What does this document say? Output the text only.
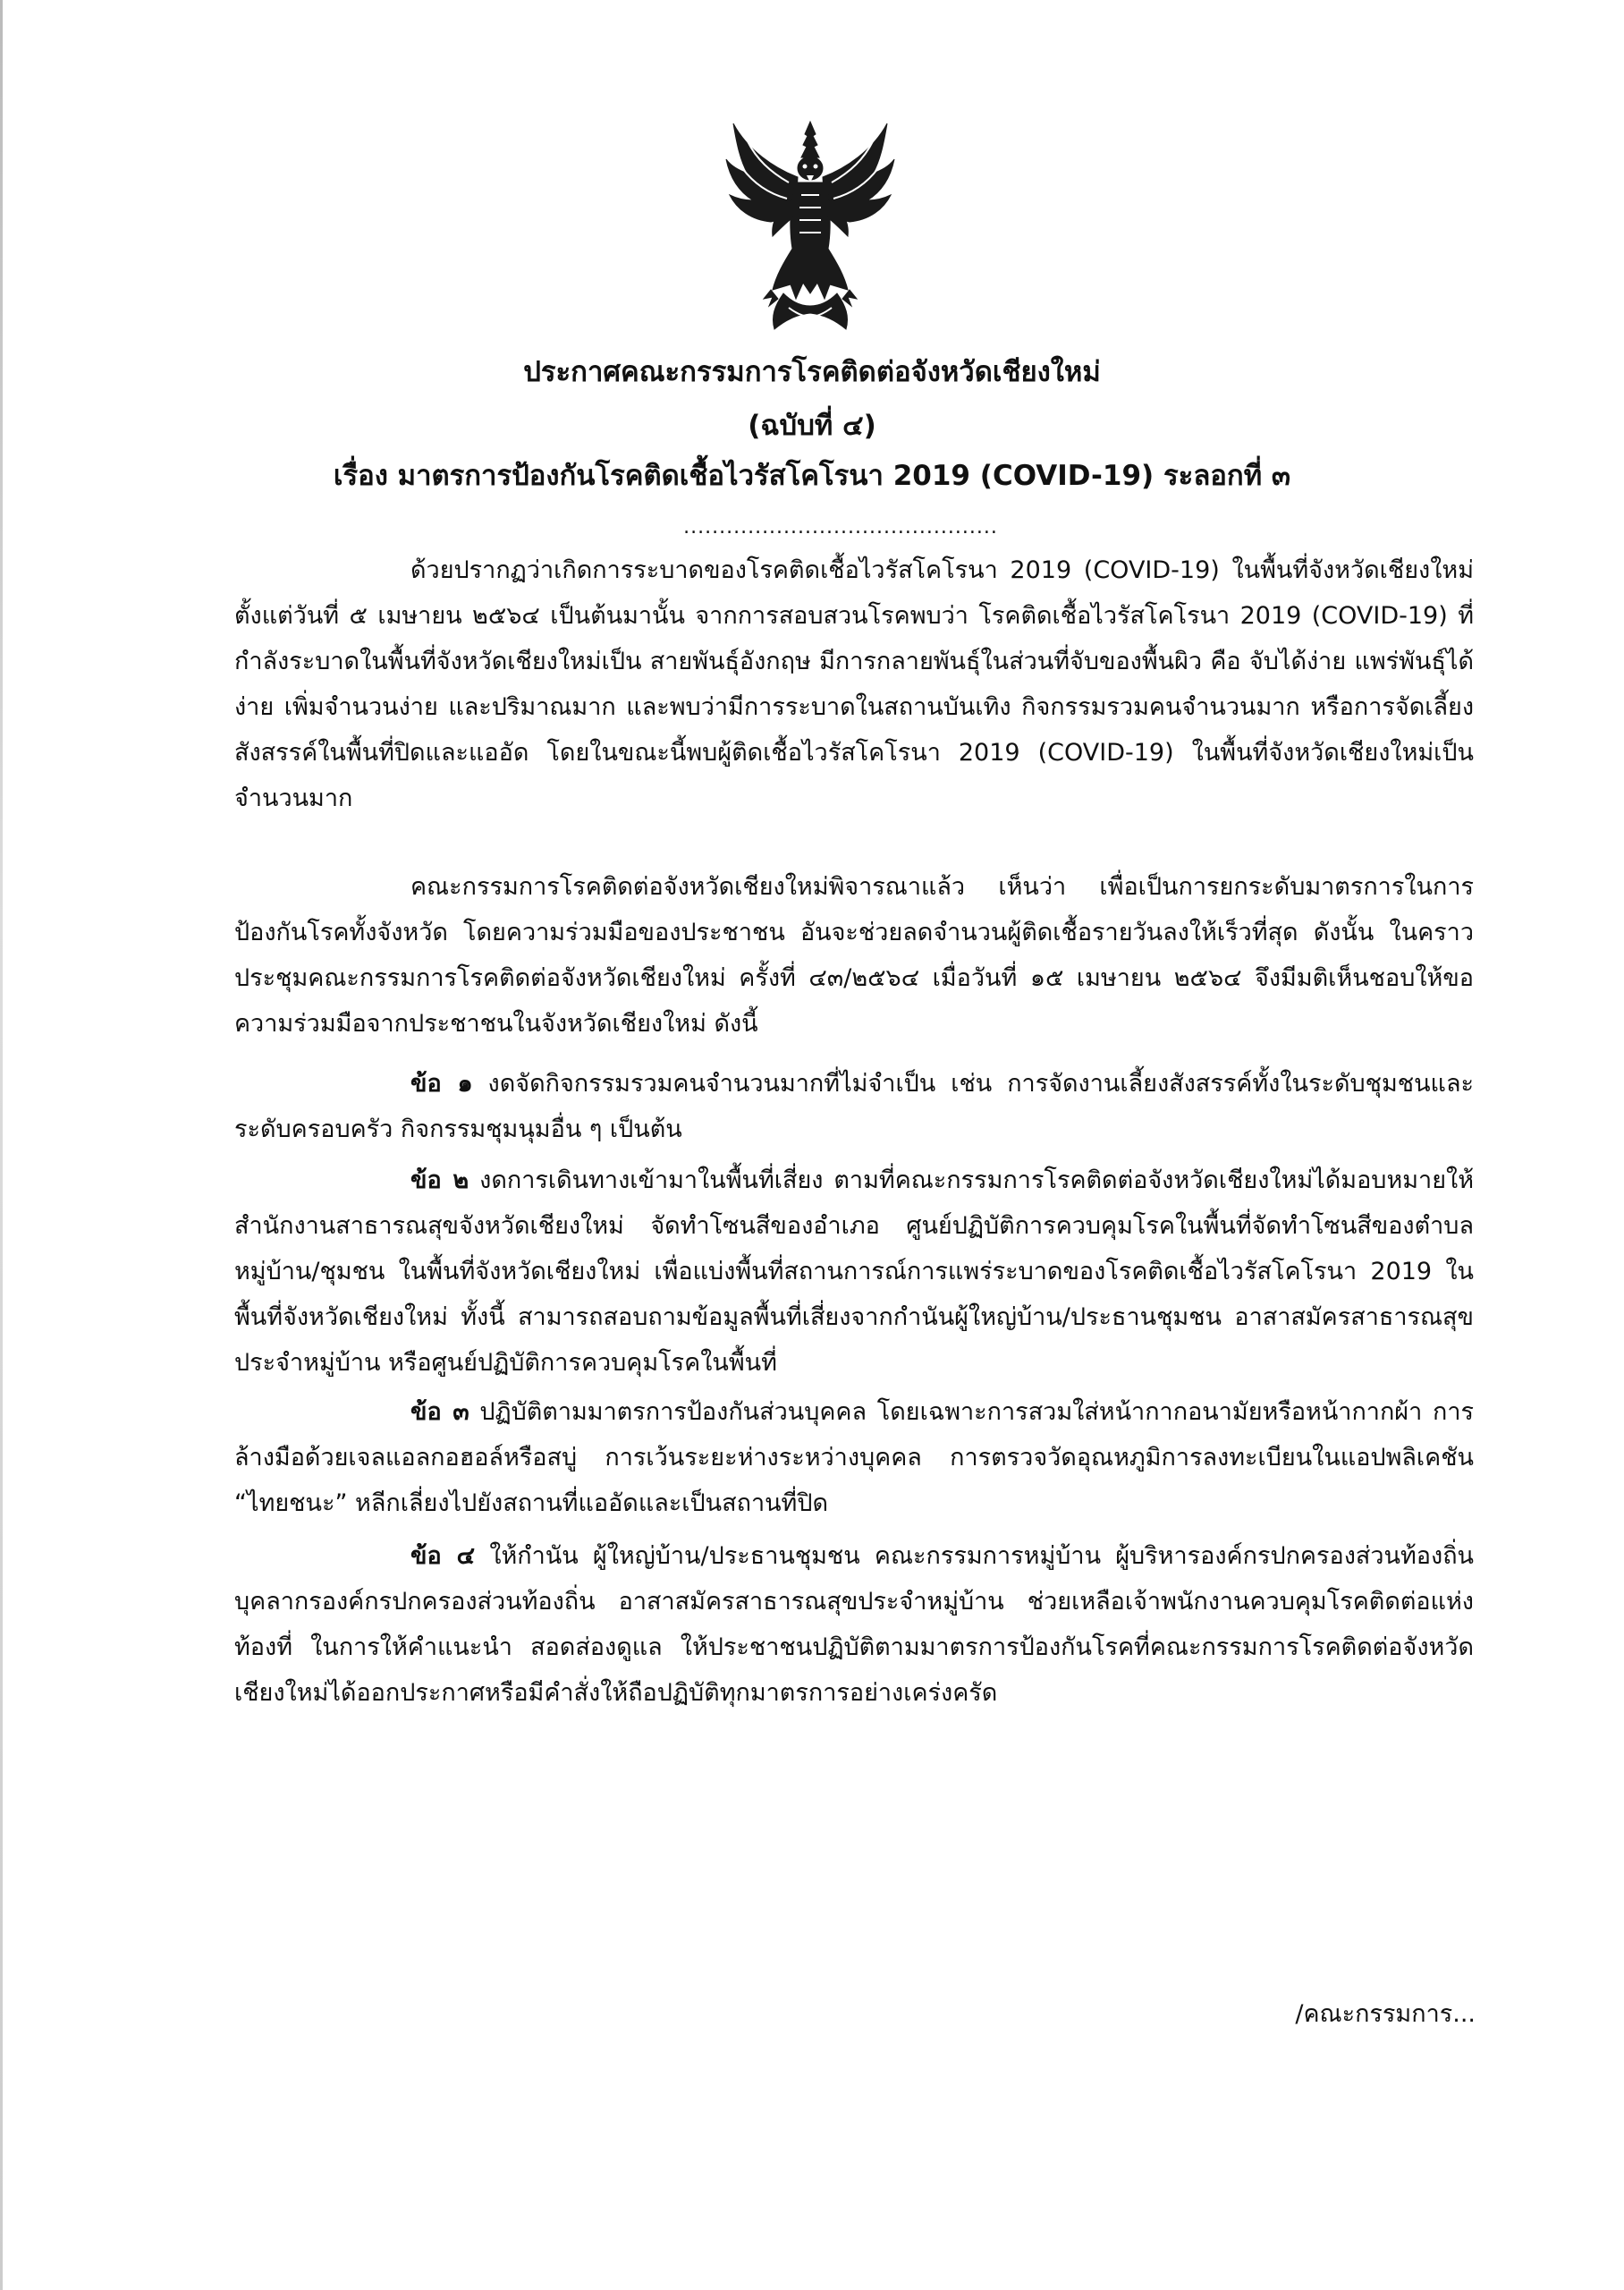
ประกาศคณะกรรมการโรคติดต่อจังหวัดเชียงใหม่
(ฉบับที่ ๔)
เรื่อง มาตรการป้องกันโรคติดเชื้อไวรัสโคโรนา 2019 (COVID-19) ระลอกที่ ๓
............................................

ด้วยปรากฏว่าเกิดการระบาดของโรคติดเชื้อไวรัสโคโรนา 2019 (COVID-19) ในพื้นที่จังหวัดเชียงใหม่ ตั้งแต่วันที่ ๕ เมษายน ๒๕๖๔ เป็นต้นมานั้น จากการสอบสวนโรคพบว่า โรคติดเชื้อไวรัสโคโรนา 2019 (COVID-19) ที่กำลังระบาดในพื้นที่จังหวัดเชียงใหม่เป็น สายพันธุ์อังกฤษ มีการกลายพันธุ์ในส่วนที่จับของพื้นผิว คือ จับได้ง่าย แพร่พันธุ์ได้ง่าย เพิ่มจำนวนง่าย และปริมาณมาก และพบว่ามีการระบาดในสถานบันเทิง กิจกรรมรวมคนจำนวนมาก หรือการจัดเลี้ยงสังสรรค์ในพื้นที่ปิดและแออัด โดยในขณะนี้พบผู้ติดเชื้อไวรัสโคโรนา 2019 (COVID-19) ในพื้นที่จังหวัดเชียงใหม่เป็นจำนวนมาก

คณะกรรมการโรคติดต่อจังหวัดเชียงใหม่พิจารณาแล้ว เห็นว่า เพื่อเป็นการยกระดับมาตรการในการป้องกันโรคทั้งจังหวัด โดยความร่วมมือของประชาชน อันจะช่วยลดจำนวนผู้ติดเชื้อรายวันลงให้เร็วที่สุด ดังนั้น ในคราวประชุมคณะกรรมการโรคติดต่อจังหวัดเชียงใหม่ ครั้งที่ ๔๓/๒๕๖๔ เมื่อวันที่ ๑๕ เมษายน ๒๕๖๔ จึงมีมติเห็นชอบให้ขอความร่วมมือจากประชาชนในจังหวัดเชียงใหม่ ดังนี้

ข้อ ๑ งดจัดกิจกรรมรวมคนจำนวนมากที่ไม่จำเป็น เช่น การจัดงานเลี้ยงสังสรรค์ทั้งในระดับชุมชนและระดับครอบครัว กิจกรรมชุมนุมอื่น ๆ เป็นต้น

ข้อ ๒ งดการเดินทางเข้ามาในพื้นที่เสี่ยง ตามที่คณะกรรมการโรคติดต่อจังหวัดเชียงใหม่ได้มอบหมายให้สำนักงานสาธารณสุขจังหวัดเชียงใหม่ จัดทำโซนสีของอำเภอ ศูนย์ปฏิบัติการควบคุมโรคในพื้นที่จัดทำโซนสีของตำบล หมู่บ้าน/ชุมชน ในพื้นที่จังหวัดเชียงใหม่ เพื่อแบ่งพื้นที่สถานการณ์การแพร่ระบาดของโรคติดเชื้อไวรัสโคโรนา 2019 ในพื้นที่จังหวัดเชียงใหม่ ทั้งนี้ สามารถสอบถามข้อมูลพื้นที่เสี่ยงจากกำนันผู้ใหญ่บ้าน/ประธานชุมชน อาสาสมัครสาธารณสุขประจำหมู่บ้าน หรือศูนย์ปฏิบัติการควบคุมโรคในพื้นที่

ข้อ ๓ ปฏิบัติตามมาตรการป้องกันส่วนบุคคล โดยเฉพาะการสวมใส่หน้ากากอนามัยหรือหน้ากากผ้า การล้างมือด้วยเจลแอลกอฮอล์หรือสบู่ การเว้นระยะห่างระหว่างบุคคล การตรวจวัดอุณหภูมิการลงทะเบียนในแอปพลิเคชัน “ไทยชนะ” หลีกเลี่ยงไปยังสถานที่แออัดและเป็นสถานที่ปิด

ข้อ ๔ ให้กำนัน ผู้ใหญ่บ้าน/ประธานชุมชน คณะกรรมการหมู่บ้าน ผู้บริหารองค์กรปกครองส่วนท้องถิ่น บุคลากรองค์กรปกครองส่วนท้องถิ่น อาสาสมัครสาธารณสุขประจำหมู่บ้าน ช่วยเหลือเจ้าพนักงานควบคุมโรคติดต่อแห่งท้องที่ ในการให้คำแนะนำ สอดส่องดูแล ให้ประชาชนปฏิบัติตามมาตรการป้องกันโรคที่คณะกรรมการโรคติดต่อจังหวัดเชียงใหม่ได้ออกประกาศหรือมีคำสั่งให้ถือปฏิบัติทุกมาตรการอย่างเคร่งครัด

/คณะกรรมการ...
